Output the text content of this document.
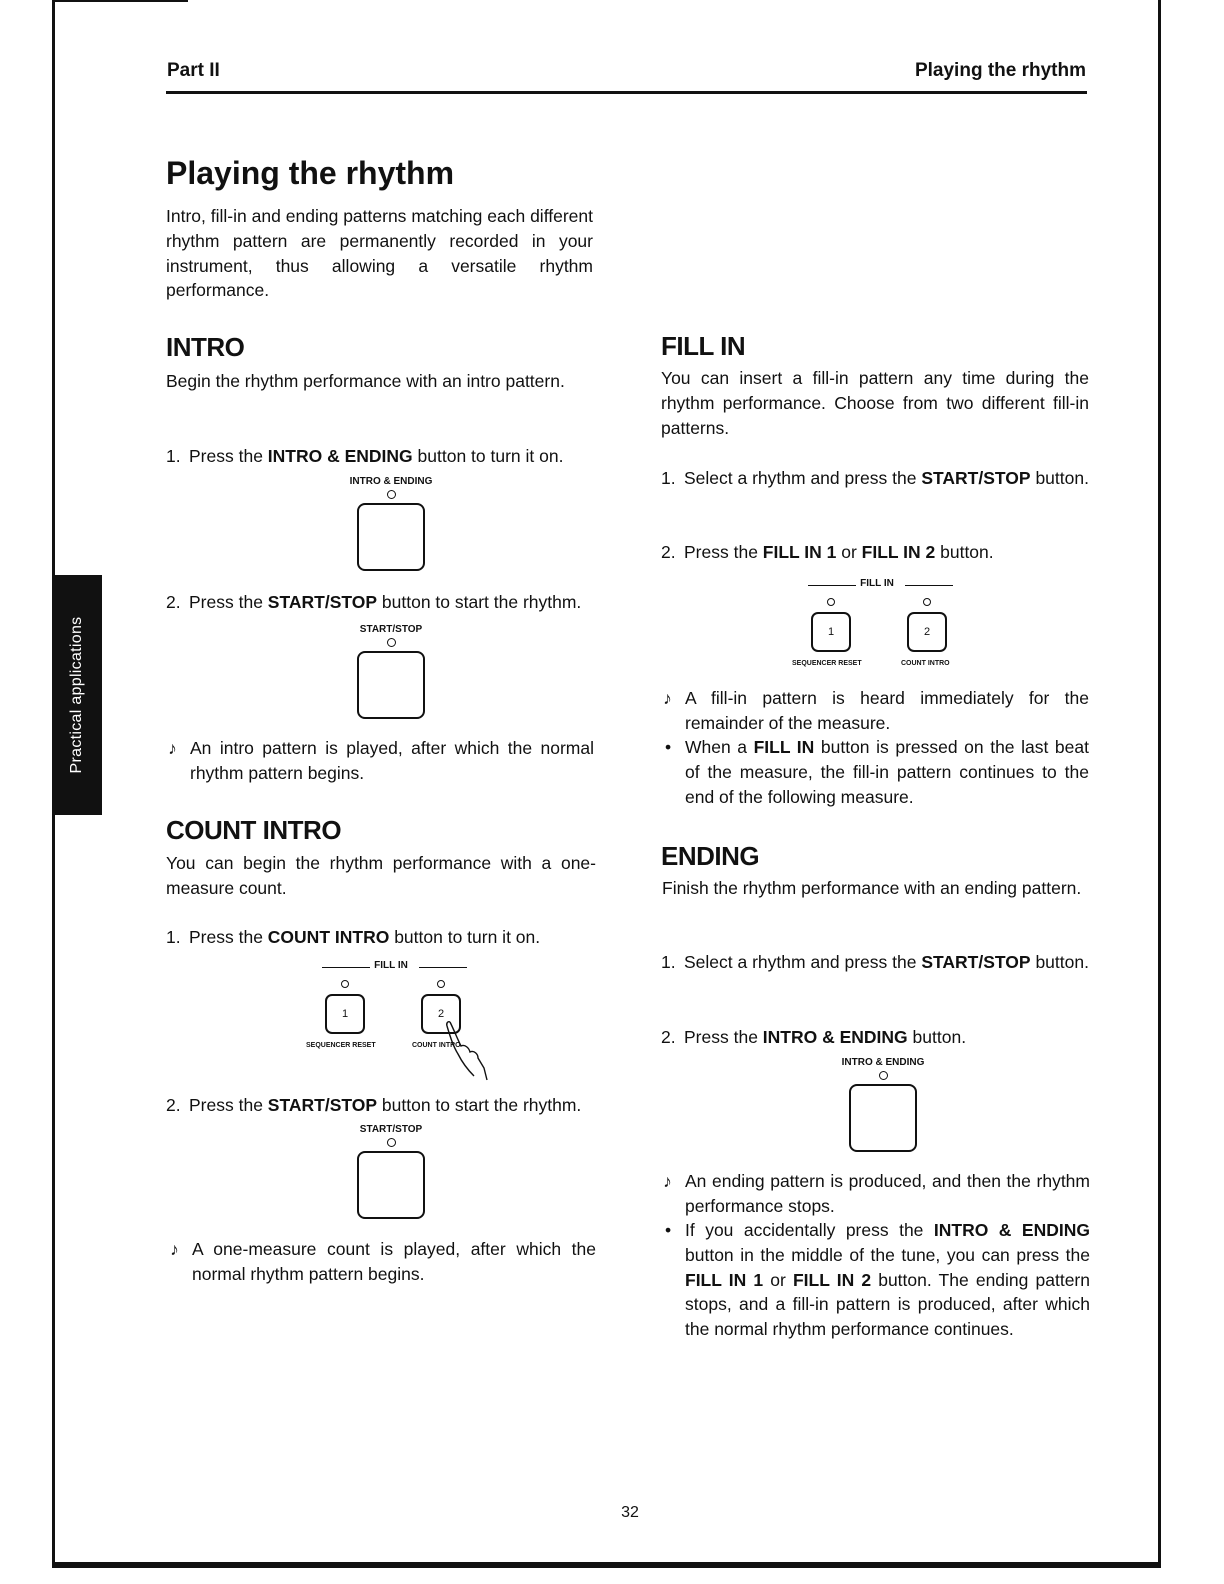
Practical applications
Part II	Playing the rhythm
Playing the rhythm

Intro, fill-in and ending patterns matching each different rhythm pattern are permanently recorded in your instrument, thus allowing a versatile rhythm performance.

INTRO

Begin the rhythm performance with an intro pattern.

1. Press the INTRO & ENDING button to turn it on.
INTRO & ENDING
2. Press the START/STOP button to start the rhythm.
START/STOP
♪ An intro pattern is played, after which the normal rhythm pattern begins.
COUNT INTRO

You can begin the rhythm performance with a one-measure count.

1. Press the COUNT INTRO button to turn it on.
FILL IN
1	2
SEQUENCER RESET	COUNT INTRO
2. Press the START/STOP button to start the rhythm.
START/STOP
♪ A one-measure count is played, after which the normal rhythm pattern begins.
FILL IN

You can insert a fill-in pattern any time during the rhythm performance. Choose from two different fill-in patterns.

1. Select a rhythm and press the START/STOP button.
2. Press the FILL IN 1 or FILL IN 2 button.
FILL IN
1	2
SEQUENCER RESET	COUNT INTRO
♪ A fill-in pattern is heard immediately for the remainder of the measure.
• When a FILL IN button is pressed on the last beat of the measure, the fill-in pattern continues to the end of the following measure.
ENDING

Finish the rhythm performance with an ending pattern.

1. Select a rhythm and press the START/STOP button.
2. Press the INTRO & ENDING button.
INTRO & ENDING
♪ An ending pattern is produced, and then the rhythm performance stops.
• If you accidentally press the INTRO & ENDING button in the middle of the tune, you can press the FILL IN 1 or FILL IN 2 button. The ending pattern stops, and a fill-in pattern is produced, after which the normal rhythm performance continues.
32
